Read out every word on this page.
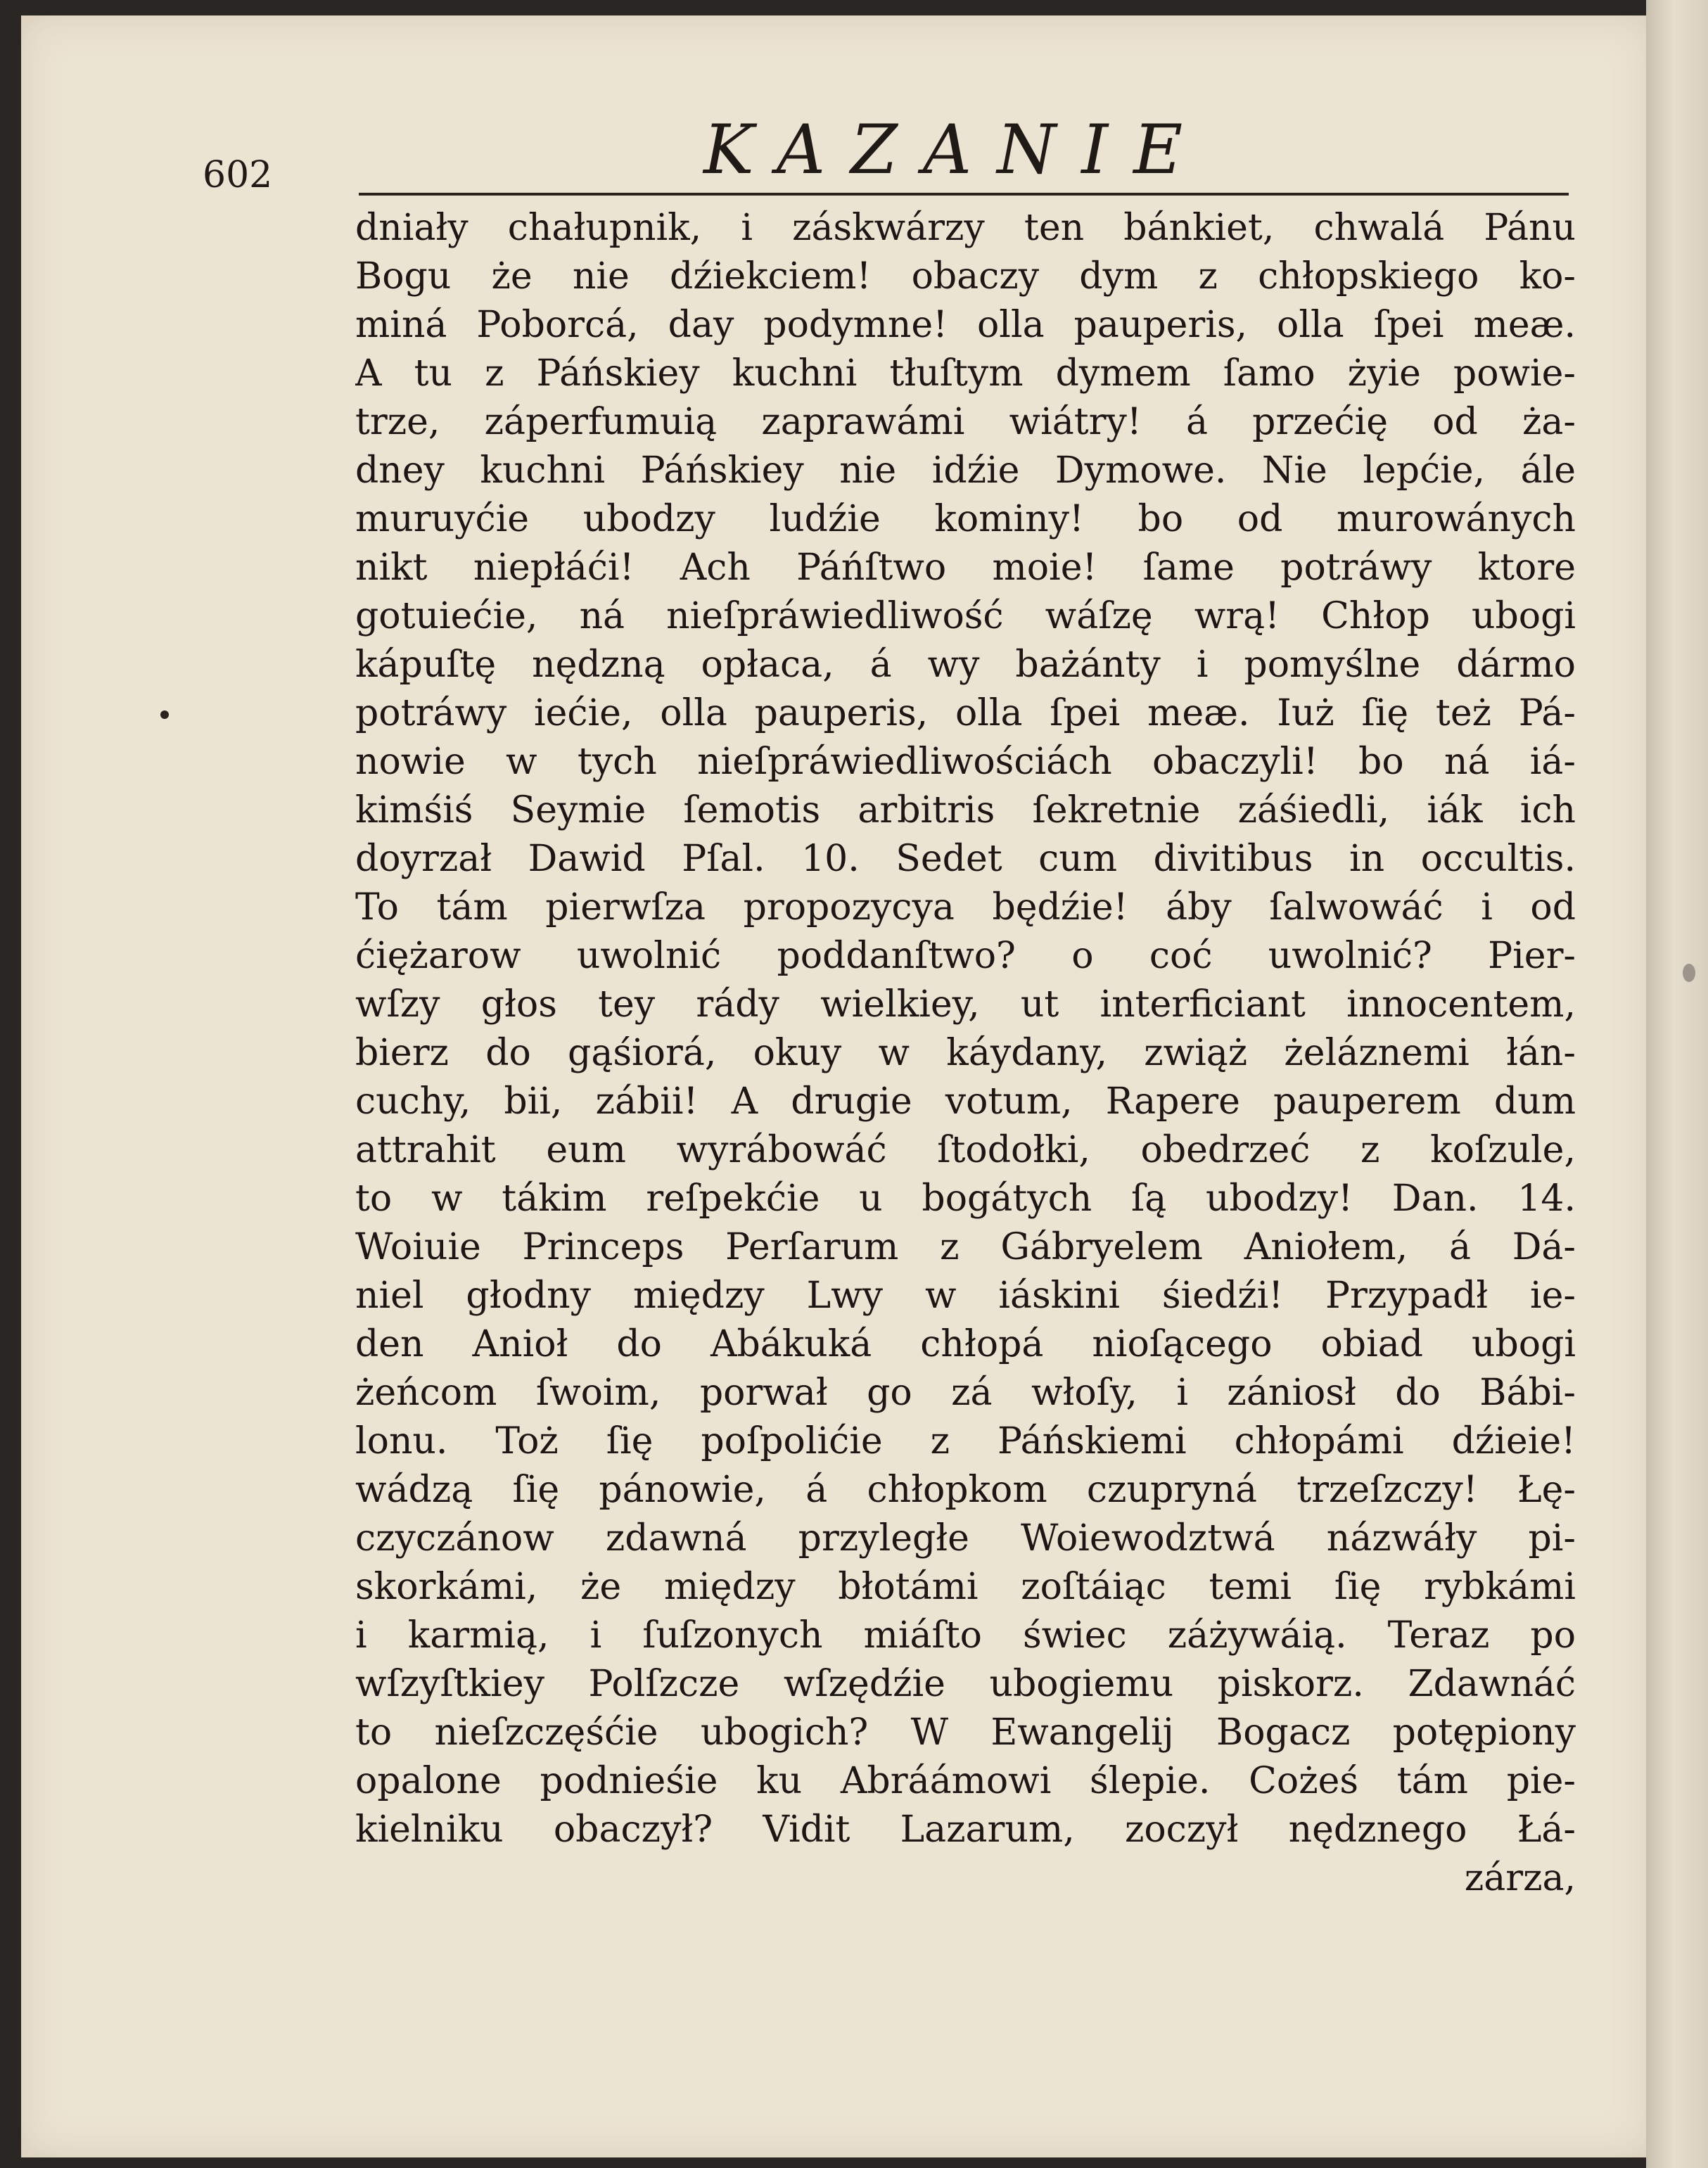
602	KAZANIE
dniały chałupnik, i záskwárzy ten bánkiet, chwalá Pánu
Bogu że nie dźiekciem! obaczy dym z chłopskiego ko-
miná Poborcá, day podymne! olla pauperis, olla ſpei meæ.
A tu z Páńskiey kuchni tłuſtym dymem ſamo żyie powie-
trze, záperfumuią zaprawámi wiátry! á przećię od ża-
dney kuchni Páńskiey nie idźie Dymowe. Nie lepćie, ále
muruyćie ubodzy ludźie kominy! bo od murowánych
nikt niepłáći! Ach Páńſtwo moie! ſame potráwy ktore
gotuiećie, ná nieſpráwiedliwość wáſzę wrą! Chłop ubogi
kápuſtę nędzną opłaca, á wy bażánty i pomyślne dármo
potráwy iećie, olla pauperis, olla ſpei meæ. Iuż ſię też Pá-
nowie w tych nieſpráwiedliwościách obaczyli! bo ná iá-
kimśiś Seymie ſemotis arbitris ſekretnie záśiedli, iák ich
doyrzał Dawid Pſal. 10. Sedet cum divitibus in occultis.
To tám pierwſza propozycya będźie! áby ſalwowáć i od
ćiężarow uwolnić poddanſtwo? o coć uwolnić? Pier-
wſzy głos tey rády wielkiey, ut interficiant innocentem,
bierz do gąśiorá, okuy w káydany, zwiąż żeláznemi łán-
cuchy, bii, zábii! A drugie votum, Rapere pauperem dum
attrahit eum wyrábowáć ſtodołki, obedrzeć z koſzule,
to w tákim reſpekćie u bogátych ſą ubodzy! Dan. 14.
Woiuie Princeps Perſarum z Gábryelem Aniołem, á Dá-
niel głodny między Lwy w iáskini śiedźi! Przypadł ie-
den Anioł do Abákuká chłopá nioſącego obiad ubogi
żeńcom ſwoim, porwał go zá włoſy, i zániosł do Bábi-
lonu. Toż ſię poſpolićie z Páńskiemi chłopámi dźieie!
wádzą ſię pánowie, á chłopkom czupryná trzeſzczy! Łę-
czyczánow zdawná przyległe Woiewodztwá názwáły pi-
skorkámi, że między błotámi zoſtáiąc temi ſię rybkámi
i karmią, i ſuſzonych miáſto świec záżywáią. Teraz po
wſzyſtkiey Polſzcze wſzędźie ubogiemu piskorz. Zdawnáć
to nieſzczęśćie ubogich? W Ewangelij Bogacz potępiony
opalone podnieśie ku Abráámowi ślepie. Cożeś tám pie-
kielniku obaczył? Vidit Lazarum, zoczył nędznego Łá-
zárza,
